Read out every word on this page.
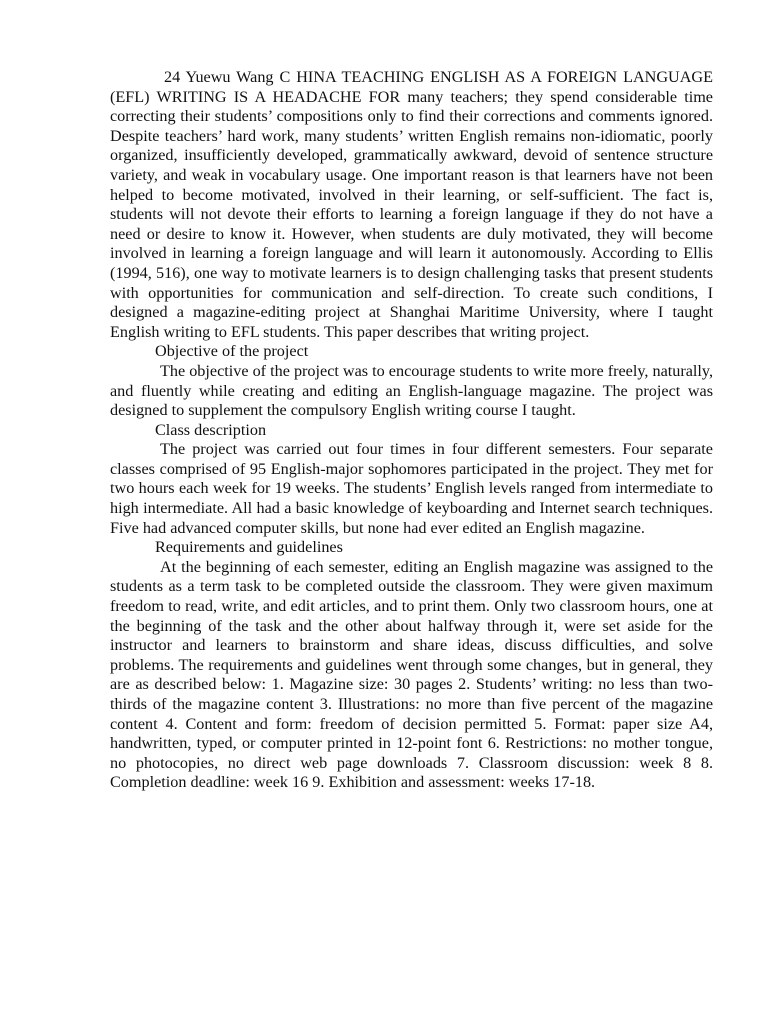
24 Yuewu Wang C HINA TEACHING ENGLISH AS A FOREIGN LANGUAGE (EFL) WRITING IS A HEADACHE FOR many teachers; they spend considerable time correcting their students’ compositions only to find their corrections and comments ignored. Despite teachers’ hard work, many students’ written English remains non-idiomatic, poorly organized, insufficiently developed, grammatically awkward, devoid of sentence structure variety, and weak in vocabulary usage. One important reason is that learners have not been helped to become motivated, involved in their learning, or self-sufficient. The fact is, students will not devote their efforts to learning a foreign language if they do not have a need or desire to know it. However, when students are duly motivated, they will become involved in learning a foreign language and will learn it autonomously. According to Ellis (1994, 516), one way to motivate learners is to design challenging tasks that present students with opportunities for communication and self-direction. To create such conditions, I designed a magazine-editing project at Shanghai Maritime University, where I taught English writing to EFL students. This paper describes that writing project.

Objective of the project

The objective of the project was to encourage students to write more freely, naturally, and fluently while creating and editing an English-language magazine. The project was designed to supplement the compulsory English writing course I taught.

Class description

The project was carried out four times in four different semesters. Four separate classes comprised of 95 English-major sophomores participated in the project. They met for two hours each week for 19 weeks. The students’ English levels ranged from intermediate to high intermediate. All had a basic knowledge of keyboarding and Internet search techniques. Five had advanced computer skills, but none had ever edited an English magazine.

Requirements and guidelines

At the beginning of each semester, editing an English magazine was assigned to the students as a term task to be completed outside the classroom. They were given maximum freedom to read, write, and edit articles, and to print them. Only two classroom hours, one at the beginning of the task and the other about halfway through it, were set aside for the instructor and learners to brainstorm and share ideas, discuss difficulties, and solve problems. The requirements and guidelines went through some changes, but in general, they are as described below: 1. Magazine size: 30 pages 2. Students’ writing: no less than two-thirds of the magazine content 3. Illustrations: no more than five percent of the magazine content 4. Content and form: freedom of decision permitted 5. Format: paper size A4, handwritten, typed, or computer printed in 12-point font 6. Restrictions: no mother tongue, no photocopies, no direct web page downloads 7. Classroom discussion: week 8 8. Completion deadline: week 16 9. Exhibition and assessment: weeks 17-18.
